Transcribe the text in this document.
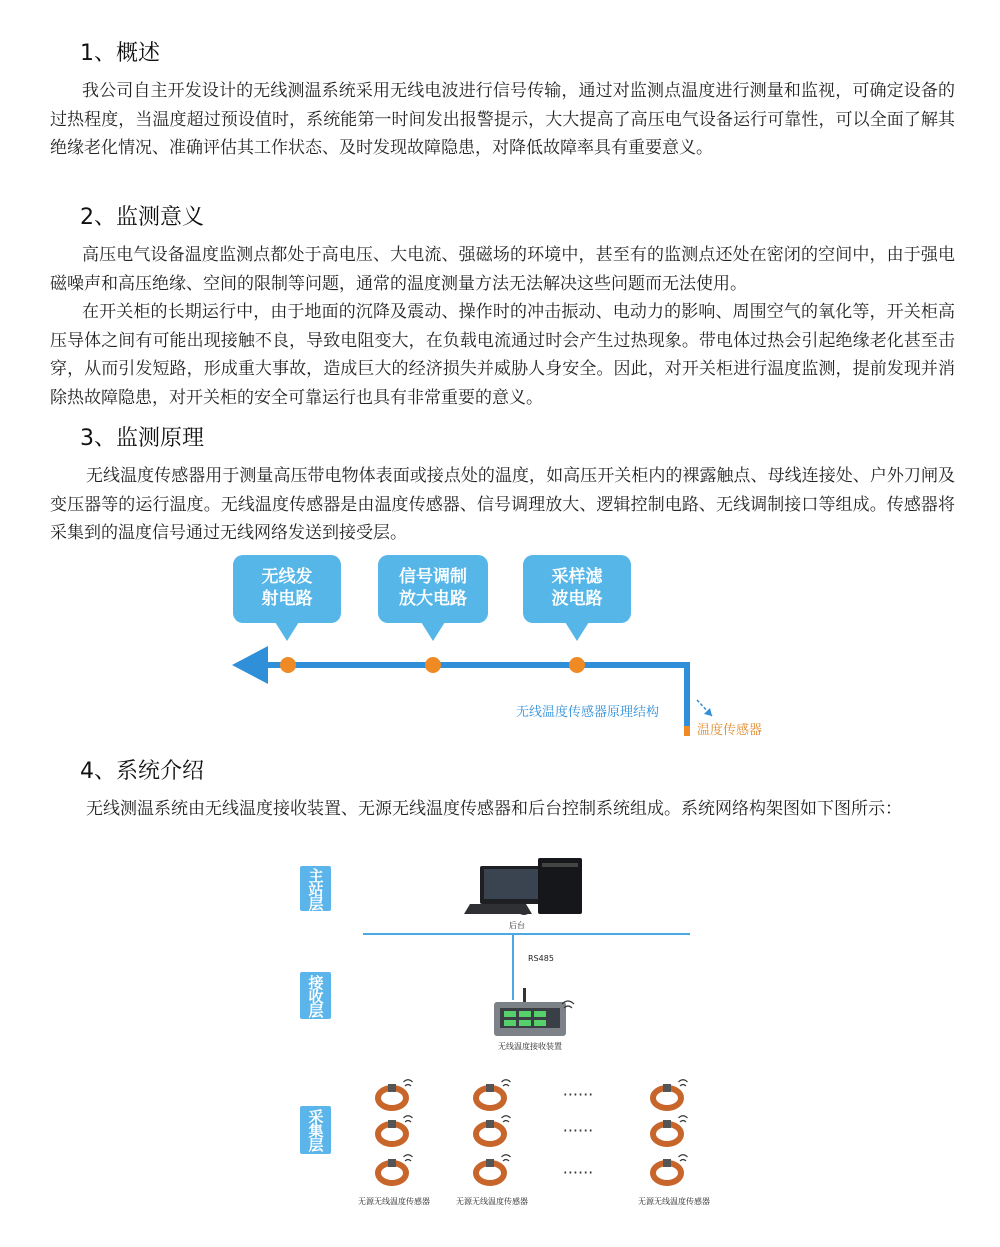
1、概述

我公司自主开发设计的无线测温系统采用无线电波进行信号传输，通过对监测点温度进行测量和监视，可确定设备的过热程度，当温度超过预设值时，系统能第一时间发出报警提示，大大提高了高压电气设备运行可靠性，可以全面了解其绝缘老化情况、准确评估其工作状态、及时发现故障隐患，对降低故障率具有重要意义。

2、监测意义

高压电气设备温度监测点都处于高电压、大电流、强磁场的环境中，甚至有的监测点还处在密闭的空间中，由于强电磁噪声和高压绝缘、空间的限制等问题，通常的温度测量方法无法解决这些问题而无法使用。

在开关柜的长期运行中，由于地面的沉降及震动、操作时的冲击振动、电动力的影响、周围空气的氧化等，开关柜高压导体之间有可能出现接触不良，导致电阻变大，在负载电流通过时会产生过热现象。带电体过热会引起绝缘老化甚至击穿，从而引发短路，形成重大事故，造成巨大的经济损失并威胁人身安全。因此，对开关柜进行温度监测，提前发现并消除热故障隐患，对开关柜的安全可靠运行也具有非常重要的意义。

3、监测原理

无线温度传感器用于测量高压带电物体表面或接点处的温度，如高压开关柜内的裸露触点、母线连接处、户外刀闸及变压器等的运行温度。无线温度传感器是由温度传感器、信号调理放大、逻辑控制电路、无线调制接口等组成。传感器将采集到的温度信号通过无线网络发送到接受层。

4、系统介绍

无线测温系统由无线温度接收装置、无源无线温度传感器和后台控制系统组成。系统网络构架图如下图所示：

无线发
射电路
信号调制
放大电路
采样滤
波电路
无线温度传感器原理结构
温度传感器
主
站
层
接
收
层
采
集
层
后台
RS485
无线温度接收装置
······
······
······
无源无线温度传感器	无源无线温度传感器	无源无线温度传感器
